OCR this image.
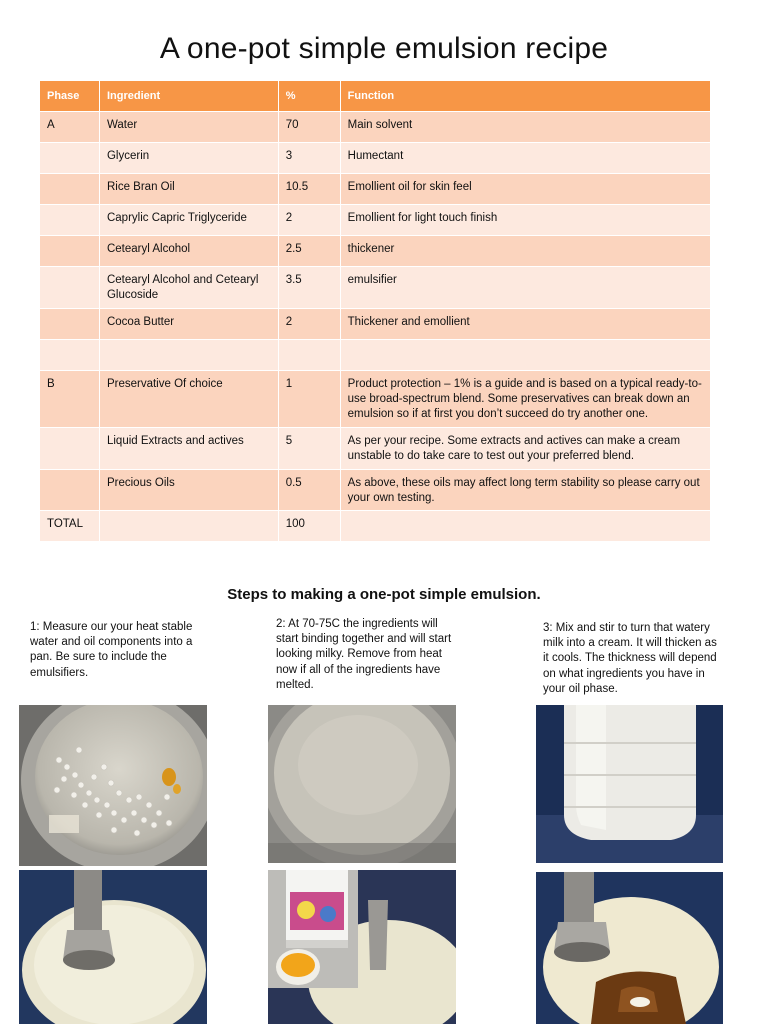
A one-pot simple emulsion recipe
Phase	Ingredient	%	Function
A	Water	70	Main solvent
	Glycerin	3	Humectant
	Rice Bran Oil	10.5	Emollient oil for skin feel
	Caprylic Capric Triglyceride	2	Emollient for light touch finish
	Cetearyl Alcohol	2.5	thickener
	Cetearyl Alcohol and Cetearyl Glucoside	3.5	emulsifier
	Cocoa Butter	2	Thickener and emollient

B	Preservative Of choice	1	Product protection – 1% is a guide and is based on a typical ready-to-use broad-spectrum blend. Some preservatives can break down an emulsion so if at first you don’t succeed do try another one.
	Liquid Extracts and actives	5	As per your recipe. Some extracts and actives can make a cream unstable to do take care to test out your preferred blend.
	Precious Oils	0.5	As above, these oils may affect long term stability so please carry out your own testing.
TOTAL		100	
Steps to making a one-pot simple emulsion.
1: Measure our your heat stable water and oil components into a pan. Be sure to include the emulsifiers.
2: At 70-75C the ingredients will start binding together and will start looking milky. Remove from heat now if all of the ingredients have melted.
3: Mix and stir to turn that watery milk into a cream. It will thicken as it cools. The thickness will depend on what ingredients you have in your oil phase.
